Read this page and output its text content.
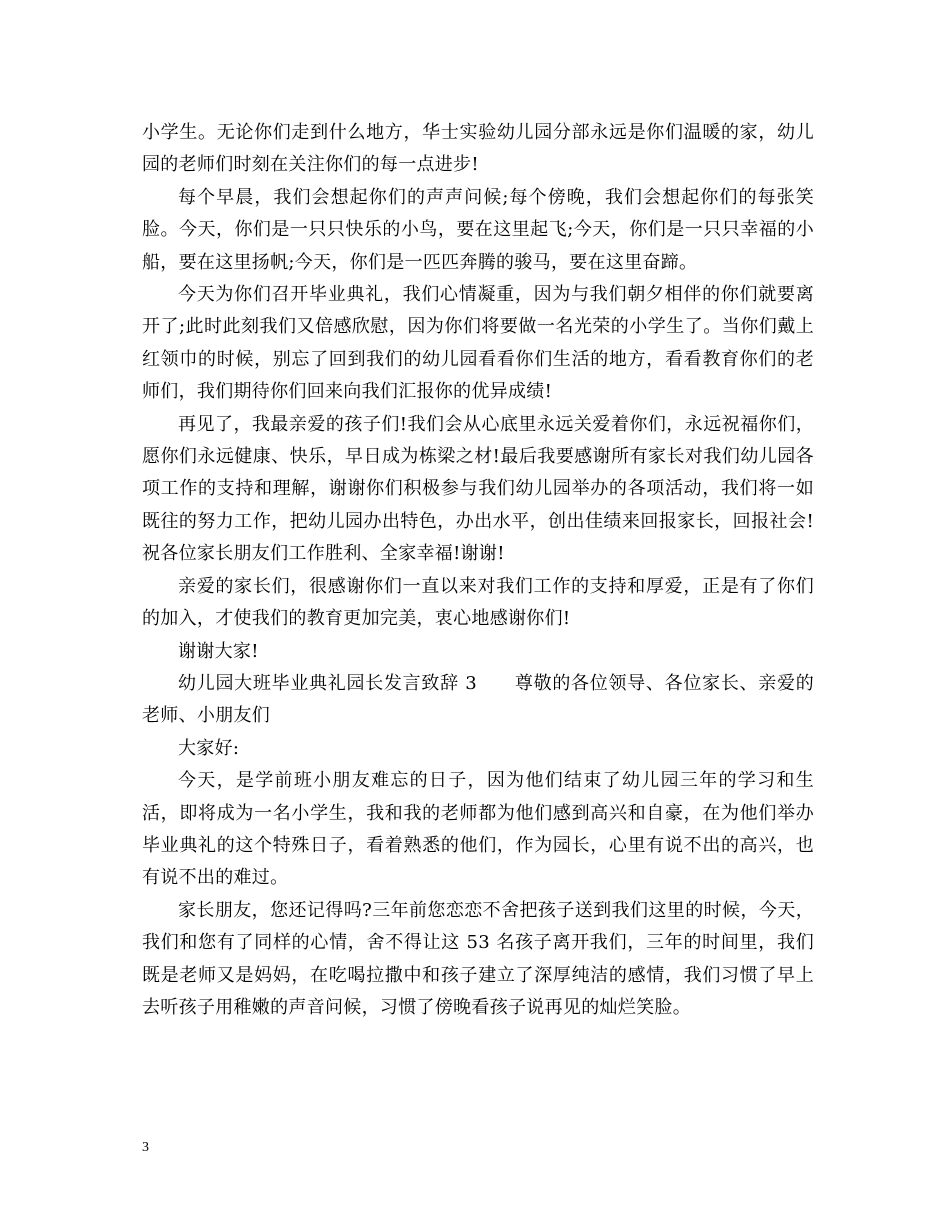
小学生。无论你们走到什么地方，华士实验幼儿园分部永远是你们温暖的家，幼儿园的老师们时刻在关注你们的每一点进步!

每个早晨，我们会想起你们的声声问候;每个傍晚，我们会想起你们的每张笑脸。今天，你们是一只只快乐的小鸟，要在这里起飞;今天，你们是一只只幸福的小船，要在这里扬帆;今天，你们是一匹匹奔腾的骏马，要在这里奋蹄。

今天为你们召开毕业典礼，我们心情凝重，因为与我们朝夕相伴的你们就要离开了;此时此刻我们又倍感欣慰，因为你们将要做一名光荣的小学生了。当你们戴上红领巾的时候，别忘了回到我们的幼儿园看看你们生活的地方，看看教育你们的老师们，我们期待你们回来向我们汇报你的优异成绩!

再见了，我最亲爱的孩子们!我们会从心底里永远关爱着你们，永远祝福你们，愿你们永远健康、快乐，早日成为栋梁之材!最后我要感谢所有家长对我们幼儿园各项工作的支持和理解，谢谢你们积极参与我们幼儿园举办的各项活动，我们将一如既往的努力工作，把幼儿园办出特色，办出水平，创出佳绩来回报家长，回报社会!祝各位家长朋友们工作胜利、全家幸福!谢谢!

亲爱的家长们，很感谢你们一直以来对我们工作的支持和厚爱，正是有了你们的加入，才使我们的教育更加完美，衷心地感谢你们!

谢谢大家!

幼儿园大班毕业典礼园长发言致辞 3　　尊敬的各位领导、各位家长、亲爱的老师、小朋友们

大家好:

今天，是学前班小朋友难忘的日子，因为他们结束了幼儿园三年的学习和生活，即将成为一名小学生，我和我的老师都为他们感到高兴和自豪，在为他们举办毕业典礼的这个特殊日子，看着熟悉的他们，作为园长，心里有说不出的高兴，也有说不出的难过。

家长朋友，您还记得吗?三年前您恋恋不舍把孩子送到我们这里的时候，今天，我们和您有了同样的心情，舍不得让这 53 名孩子离开我们，三年的时间里，我们既是老师又是妈妈，在吃喝拉撒中和孩子建立了深厚纯洁的感情，我们习惯了早上去听孩子用稚嫩的声音问候，习惯了傍晚看孩子说再见的灿烂笑脸。

3
